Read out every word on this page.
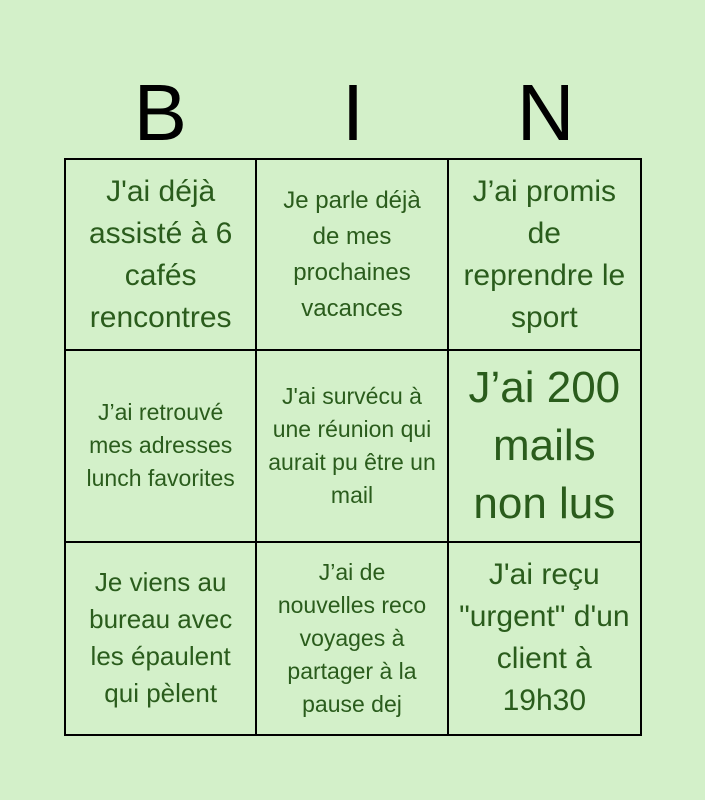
B	I	N
J'ai déjà assisté à 6 cafés rencontres
Je parle déjà de mes prochaines vacances
J’ai promis de reprendre le sport
J’ai retrouvé mes adresses lunch favorites
J'ai survécu à une réunion qui aurait pu être un mail
J’ai 200 mails non lus
Je viens au bureau avec les épaulent qui pèlent
J’ai de nouvelles reco voyages à partager à la pause dej
J'ai reçu "urgent" d'un client à 19h30
